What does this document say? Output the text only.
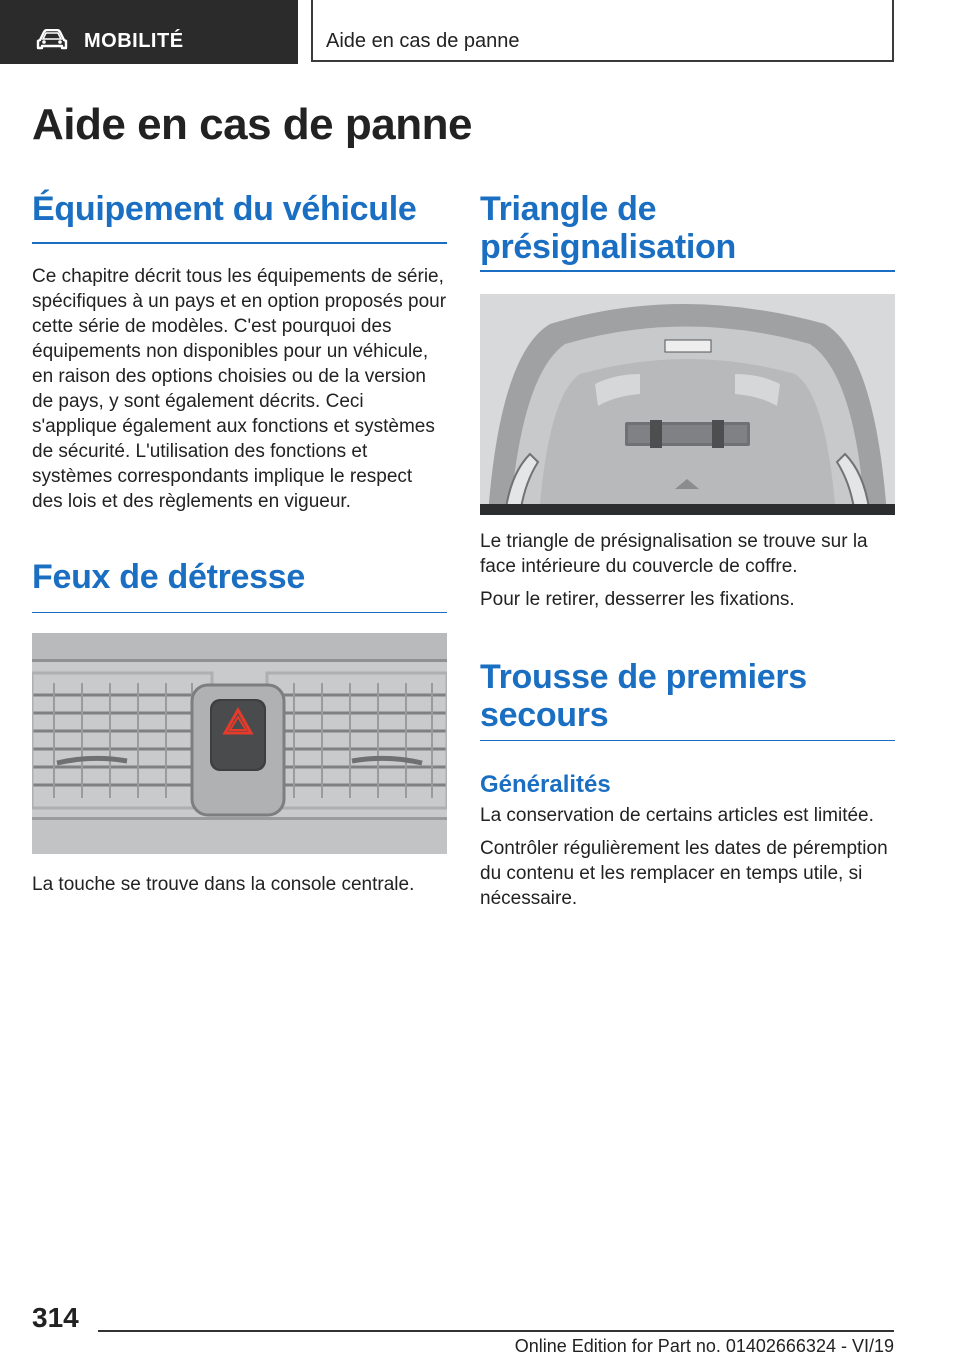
MOBILITÉ	Aide en cas de panne
Aide en cas de panne
Équipement du véhicule

Ce chapitre décrit tous les équipements de série, spécifiques à un pays et en option proposés pour cette série de modèles. C'est pourquoi des équipements non disponibles pour un véhicule, en raison des options choisies ou de la version de pays, y sont également décrits. Ceci s'applique également aux fonctions et systèmes de sécurité. L'utilisation des fonctions et systèmes correspondants implique le respect des lois et des règlements en vigueur.

Feux de détresse

La touche se trouve dans la console centrale.

Triangle de présignalisation

Le triangle de présignalisation se trouve sur la face intérieure du couvercle de coffre.

Pour le retirer, desserrer les fixations.

Trousse de premiers secours
Généralités

La conservation de certains articles est limitée.

Contrôler régulièrement les dates de péremption du contenu et les remplacer en temps utile, si nécessaire.

314
Online Edition for Part no. 01402666324 - VI/19
